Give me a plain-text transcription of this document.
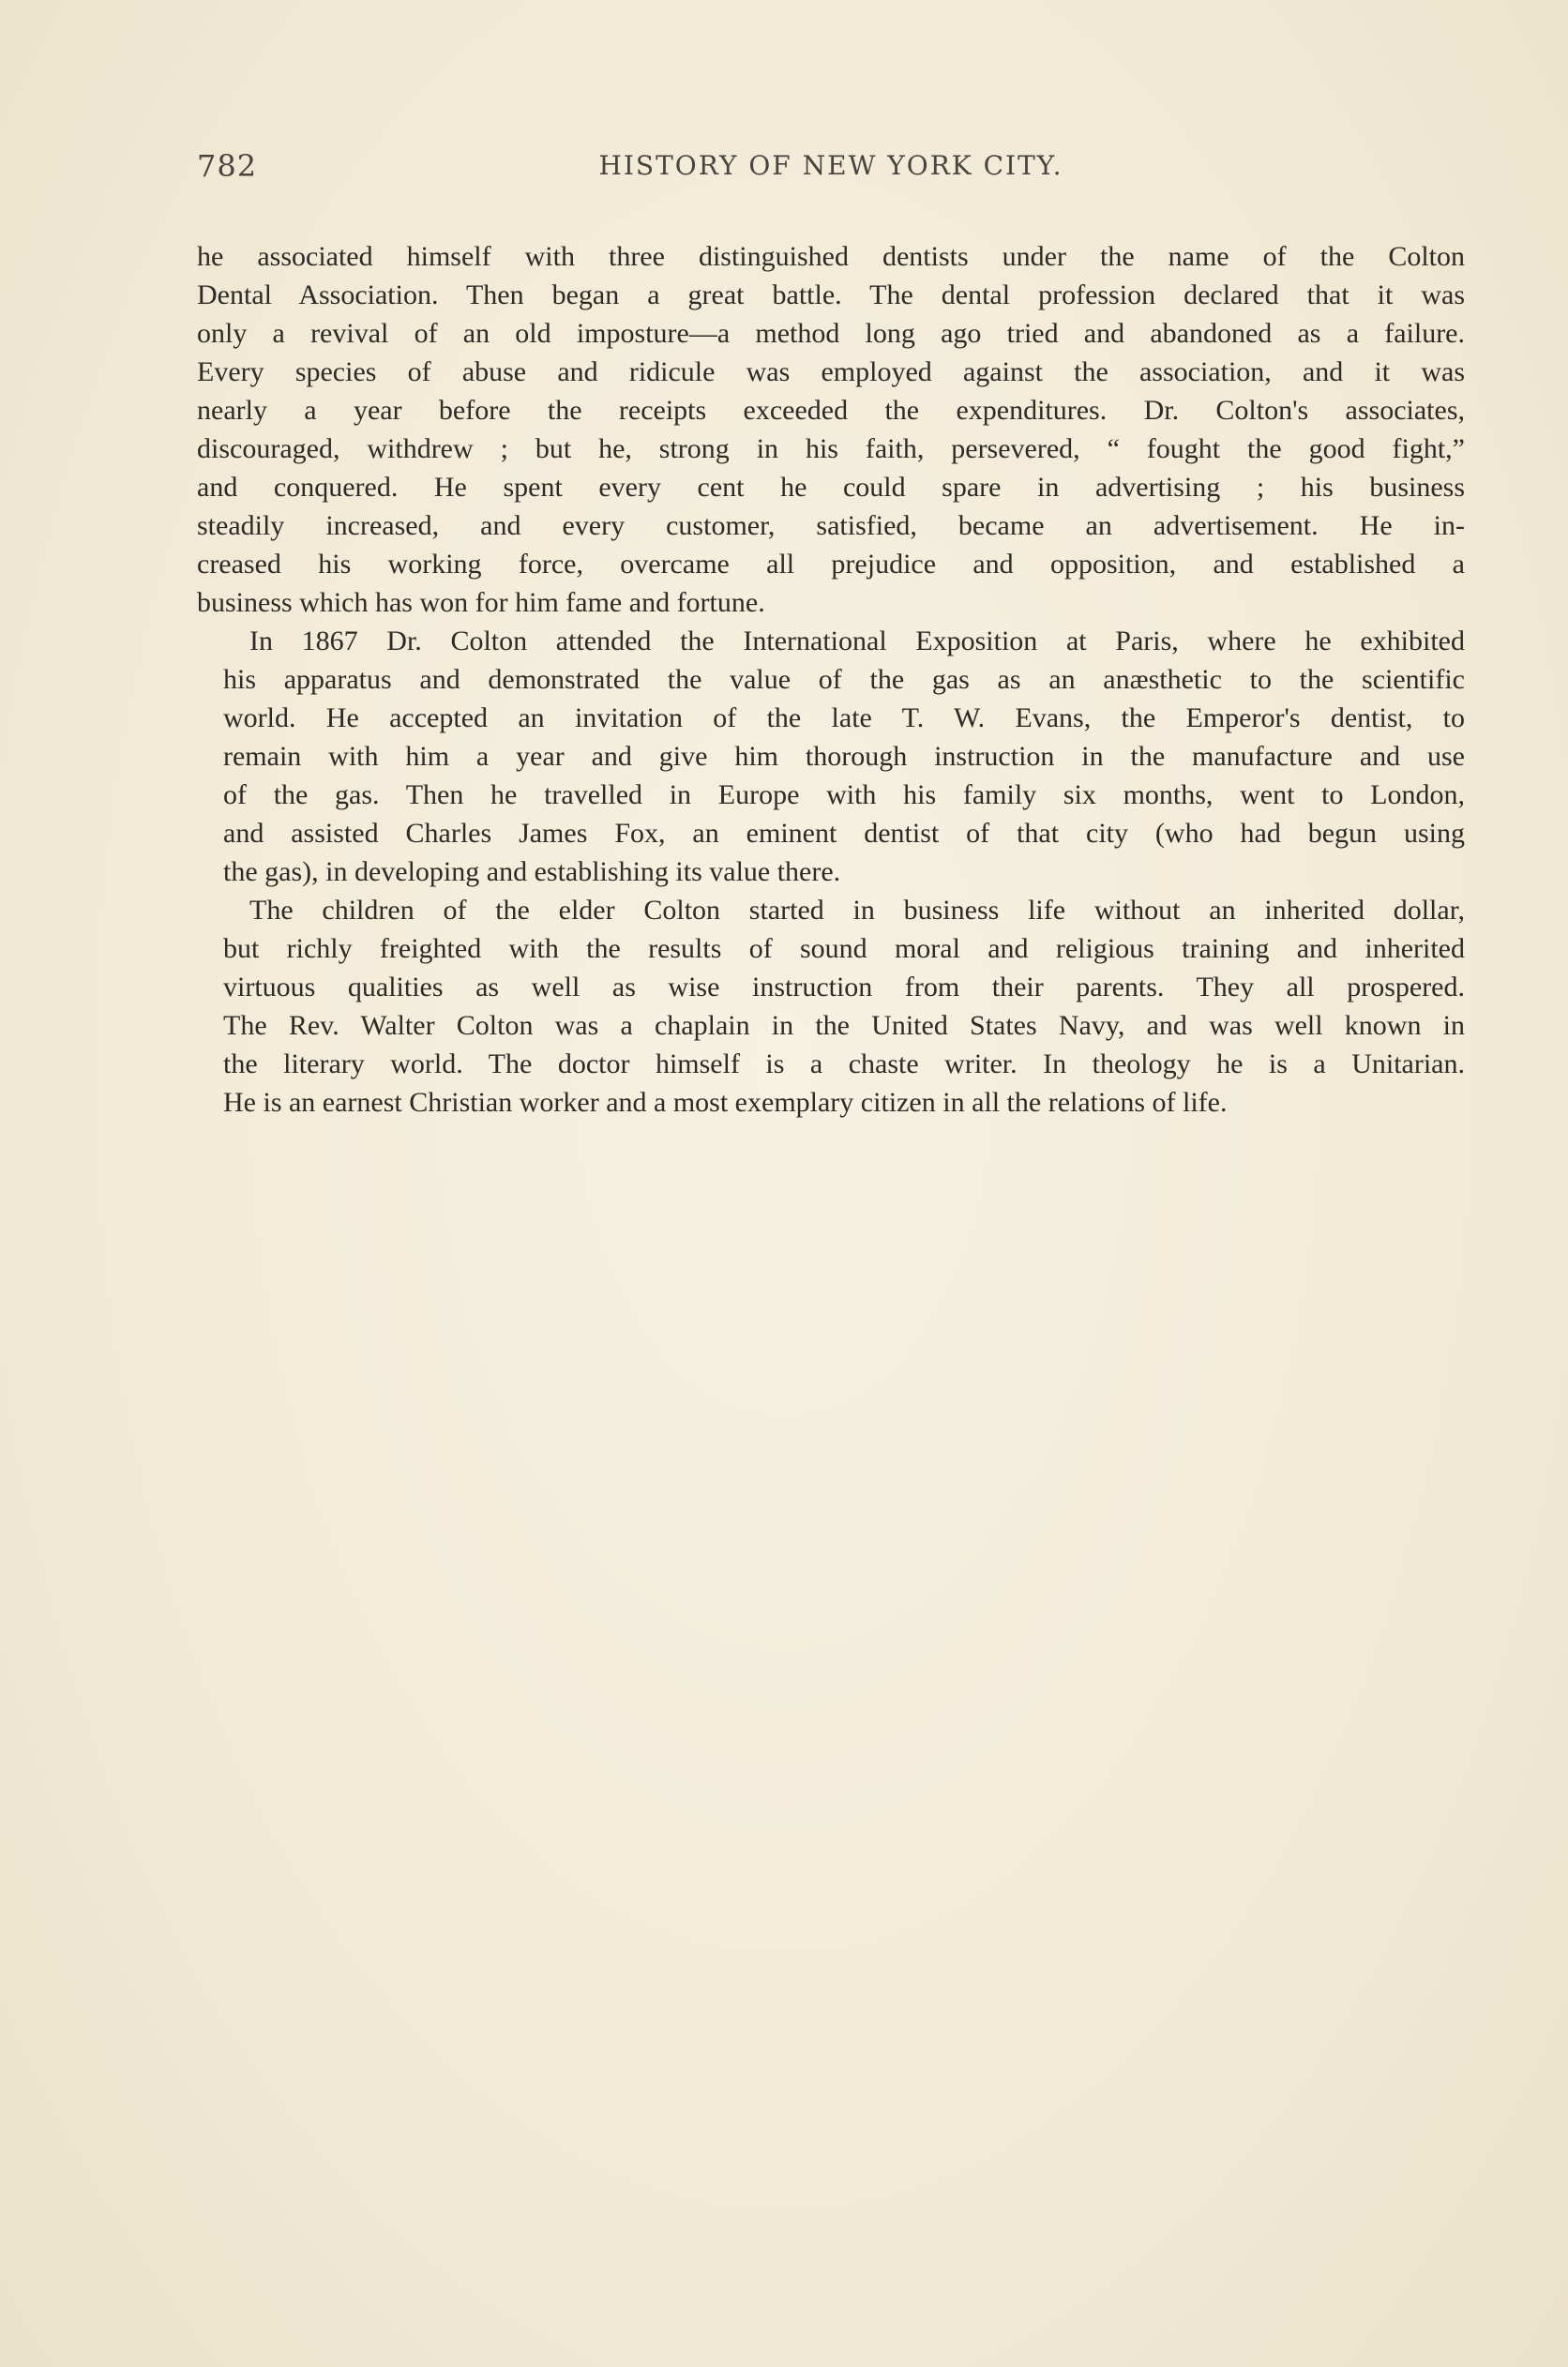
782	HISTORY OF NEW YORK CITY.
he associated himself with three distinguished dentists under the name of the Colton
Dental Association. Then began a great battle. The dental profession declared that it was
only a revival of an old imposture—a method long ago tried and abandoned as a failure.
Every species of abuse and ridicule was employed against the association, and it was
nearly a year before the receipts exceeded the expenditures. Dr. Colton's associates,
discouraged, withdrew ; but he, strong in his faith, persevered, “ fought the good fight,”
and conquered. He spent every cent he could spare in advertising ; his business
steadily increased, and every customer, satisfied, became an advertisement. He in-
creased his working force, overcame all prejudice and opposition, and established a
business which has won for him fame and fortune.
In 1867 Dr. Colton attended the International Exposition at Paris, where he exhibited
his apparatus and demonstrated the value of the gas as an anæsthetic to the scientific
world. He accepted an invitation of the late T. W. Evans, the Emperor's dentist, to
remain with him a year and give him thorough instruction in the manufacture and use
of the gas. Then he travelled in Europe with his family six months, went to London,
and assisted Charles James Fox, an eminent dentist of that city (who had begun using
the gas), in developing and establishing its value there.
The children of the elder Colton started in business life without an inherited dollar,
but richly freighted with the results of sound moral and religious training and inherited
virtuous qualities as well as wise instruction from their parents. They all prospered.
The Rev. Walter Colton was a chaplain in the United States Navy, and was well known in
the literary world. The doctor himself is a chaste writer. In theology he is a Unitarian.
He is an earnest Christian worker and a most exemplary citizen in all the relations of life.
